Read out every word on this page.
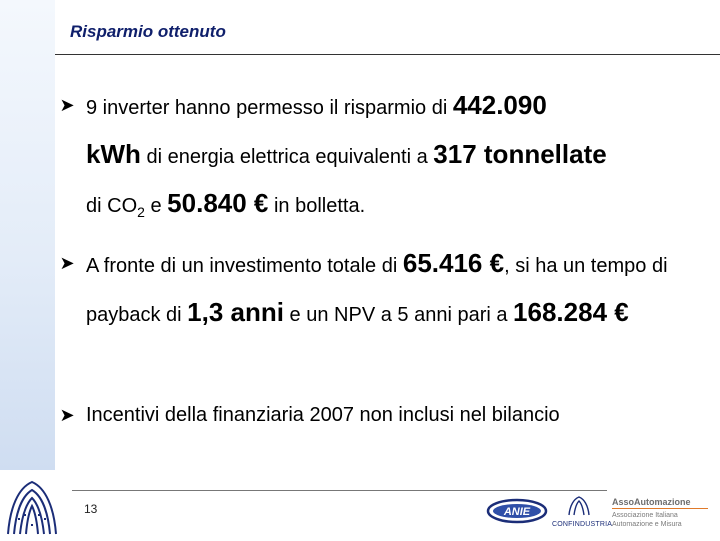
Risparmio ottenuto
➤ 9 inverter hanno permesso il risparmio di 442.090
kWh di energia elettrica equivalenti a 317 tonnellate
di $CO_2$ e 50.840 € in bolletta.
➤ A fronte di un investimento totale di 65.416 €, si ha un tempo di payback di 1,3 anni e un NPV a 5 anni pari a 168.284 €
➤ Incentivi della finanziaria 2007 non inclusi nel bilancio
13	ANIE
CONFINDUSTRIA
AssoAutomazione
Associazione Italiana
Automazione e Misura
